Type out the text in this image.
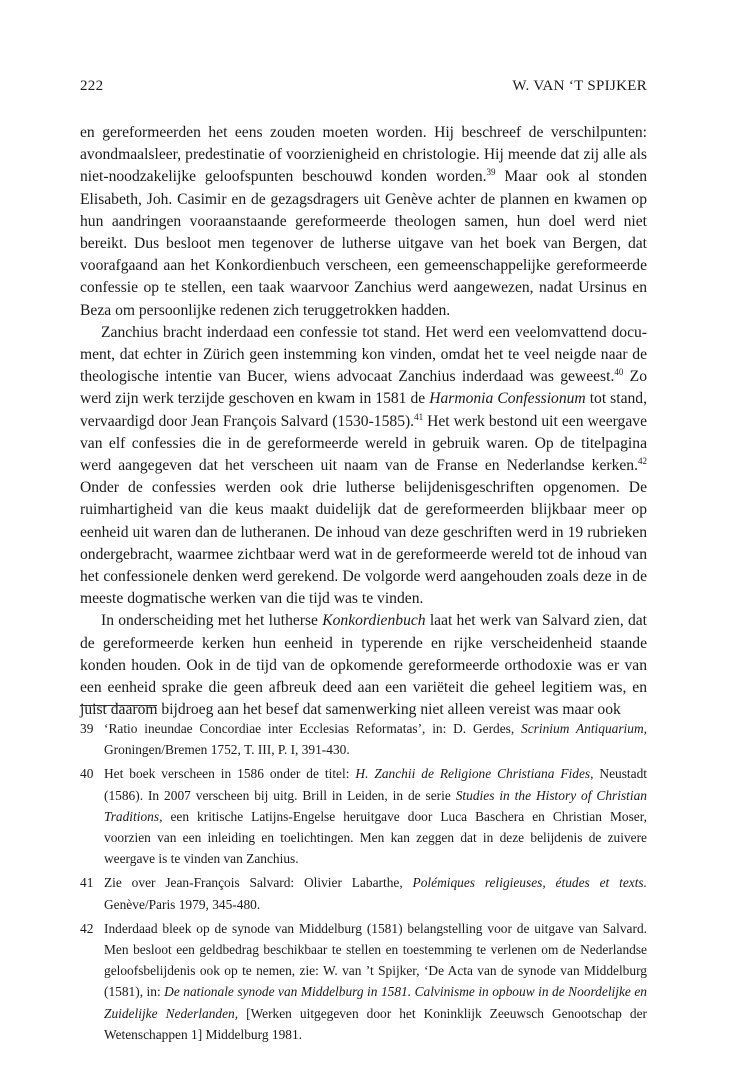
222	W. VAN ‘T SPIJKER

en gereformeerden het eens zouden moeten worden. Hij beschreef de verschilpunten: avondmaalsleer, predestinatie of voorzienigheid en christologie. Hij meende dat zij alle als niet-noodzakelijke geloofspunten beschouwd konden worden.$^{39}$ Maar ook al stonden Elisabeth, Joh. Casimir en de gezagsdragers uit Genève achter de plannen en kwamen op hun aandringen vooraanstaande gereformeerde theologen samen, hun doel werd niet bereikt. Dus besloot men tegenover de lutherse uitgave van het boek van Bergen, dat voorafgaand aan het Konkordienbuch verscheen, een gemeenschappelijke gereformeerde confessie op te stellen, een taak waarvoor Zanchius werd aangewezen, nadat Ursinus en Beza om persoonlijke redenen zich teruggetrokken hadden.

Zanchius bracht inderdaad een confessie tot stand. Het werd een veelomvattend document, dat echter in Zürich geen instemming kon vinden, omdat het te veel neigde naar de theologische intentie van Bucer, wiens advocaat Zanchius inderdaad was geweest.$^{40}$ Zo werd zijn werk terzijde geschoven en kwam in 1581 de Harmonia Confessionum tot stand, vervaardigd door Jean François Salvard (1530-1585).$^{41}$ Het werk bestond uit een weergave van elf confessies die in de gereformeerde wereld in gebruik waren. Op de titelpagina werd aangegeven dat het verscheen uit naam van de Franse en Nederlandse kerken.$^{42}$ Onder de confessies werden ook drie lutherse belijdenisgeschriften opgenomen. De ruimhartigheid van die keus maakt duidelijk dat de gereformeerden blijkbaar meer op eenheid uit waren dan de lutheranen. De inhoud van deze geschriften werd in 19 rubrieken ondergebracht, waarmee zichtbaar werd wat in de gereformeerde wereld tot de inhoud van het confessionele denken werd gerekend. De volgorde werd aangehouden zoals deze in de meeste dogmatische werken van die tijd was te vinden.

In onderscheiding met het lutherse Konkordienbuch laat het werk van Salvard zien, dat de gereformeerde kerken hun eenheid in typerende en rijke verscheidenheid staande konden houden. Ook in de tijd van de opkomende gereformeerde orthodoxie was er van een eenheid sprake die geen afbreuk deed aan een variëteit die geheel legitiem was, en juist daarom bijdroeg aan het besef dat samenwerking niet alleen vereist was maar ook

39 ‘Ratio ineundae Concordiae inter Ecclesias Reformatas’, in: D. Gerdes, Scrinium Antiquarium, Groningen/Bremen 1752, T. III, P. I, 391-430.
40 Het boek verscheen in 1586 onder de titel: H. Zanchii de Religione Christiana Fides, Neustadt (1586). In 2007 verscheen bij uitg. Brill in Leiden, in de serie Studies in the History of Christian Traditions, een kritische Latijns-Engelse heruitgave door Luca Baschera en Christian Moser, voorzien van een inleiding en toelichtingen. Men kan zeggen dat in deze belijdenis de zuivere weergave is te vinden van Zanchius.
41 Zie over Jean-François Salvard: Olivier Labarthe, Polémiques religieuses, études et texts. Genève/Paris 1979, 345-480.
42 Inderdaad bleek op de synode van Middelburg (1581) belangstelling voor de uitgave van Salvard. Men besloot een geldbedrag beschikbaar te stellen en toestemming te verlenen om de Nederlandse geloofsbelijdenis ook op te nemen, zie: W. van ’t Spijker, ‘De Acta van de synode van Middelburg (1581), in: De nationale synode van Middelburg in 1581. Calvinisme in opbouw in de Noordelijke en Zuidelijke Nederlanden, [Werken uitgegeven door het Koninklijk Zeeuwsch Genootschap der Wetenschappen 1] Middelburg 1981.
